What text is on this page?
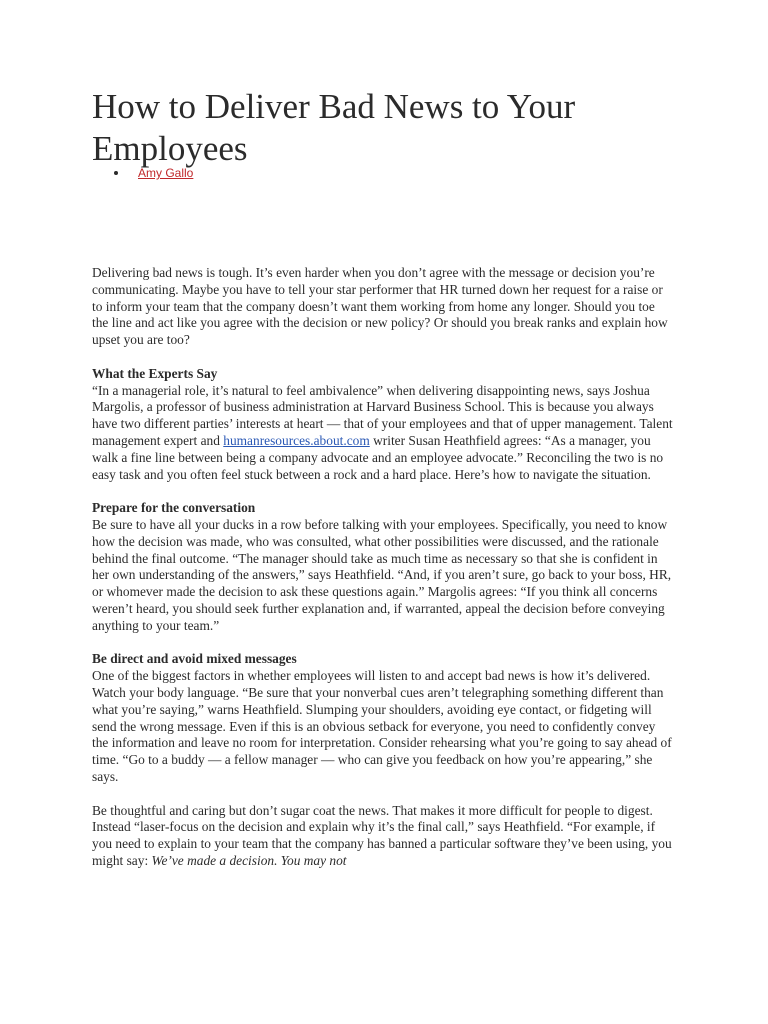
How to Deliver Bad News to Your Employees
Amy Gallo

Delivering bad news is tough. It’s even harder when you don’t agree with the message or decision you’re communicating. Maybe you have to tell your star performer that HR turned down her request for a raise or to inform your team that the company doesn’t want them working from home any longer. Should you toe the line and act like you agree with the decision or new policy? Or should you break ranks and explain how upset you are too?

What the Experts Say

“In a managerial role, it’s natural to feel ambivalence” when delivering disappointing news, says Joshua Margolis, a professor of business administration at Harvard Business School. This is because you always have two different parties’ interests at heart — that of your employees and that of upper management. Talent management expert and humanresources.about.com writer Susan Heathfield agrees: “As a manager, you walk a fine line between being a company advocate and an employee advocate.” Reconciling the two is no easy task and you often feel stuck between a rock and a hard place. Here’s how to navigate the situation.

Prepare for the conversation

Be sure to have all your ducks in a row before talking with your employees. Specifically, you need to know how the decision was made, who was consulted, what other possibilities were discussed, and the rationale behind the final outcome. “The manager should take as much time as necessary so that she is confident in her own understanding of the answers,” says Heathfield. “And, if you aren’t sure, go back to your boss, HR, or whomever made the decision to ask these questions again.” Margolis agrees: “If you think all concerns weren’t heard, you should seek further explanation and, if warranted, appeal the decision before conveying anything to your team.”

Be direct and avoid mixed messages

One of the biggest factors in whether employees will listen to and accept bad news is how it’s delivered. Watch your body language. “Be sure that your nonverbal cues aren’t telegraphing something different than what you’re saying,” warns Heathfield. Slumping your shoulders, avoiding eye contact, or fidgeting will send the wrong message. Even if this is an obvious setback for everyone, you need to confidently convey the information and leave no room for interpretation. Consider rehearsing what you’re going to say ahead of time. “Go to a buddy — a fellow manager — who can give you feedback on how you’re appearing,” she says.

Be thoughtful and caring but don’t sugar coat the news. That makes it more difficult for people to digest. Instead “laser-focus on the decision and explain why it’s the final call,” says Heathfield. “For example, if you need to explain to your team that the company has banned a particular software they’ve been using, you might say: We’ve made a decision. You may not
